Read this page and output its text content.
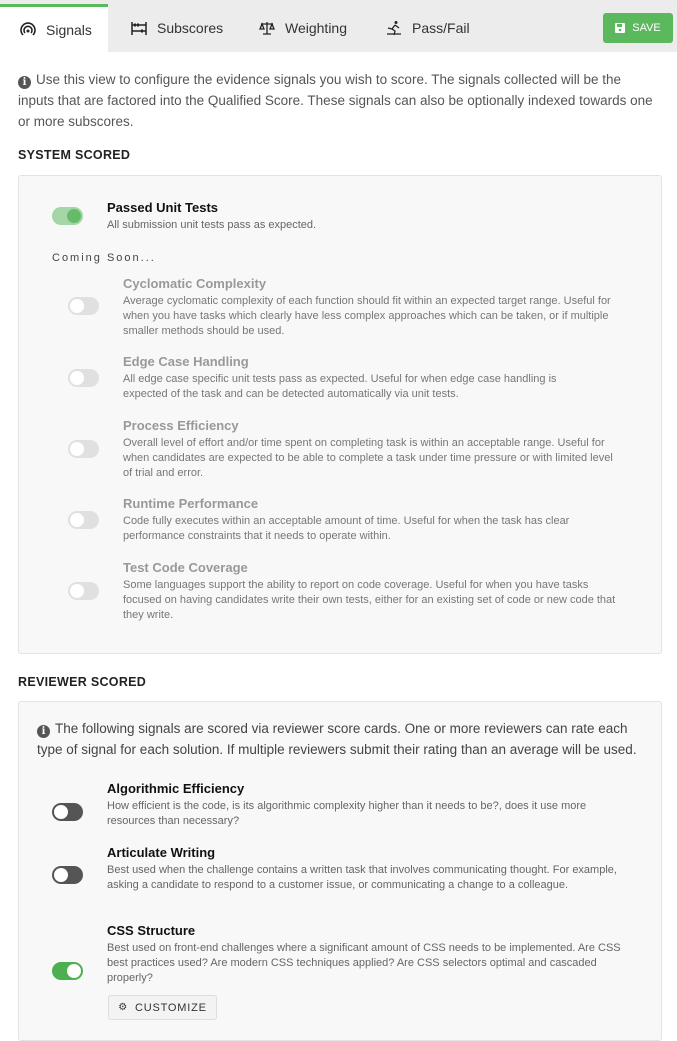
Signals	Subscores	Weighting	Pass/Fail	SAVE
i Use this view to configure the evidence signals you wish to score. The signals collected will be the inputs that are factored into the Qualified Score. These signals can also be optionally indexed towards one or more subscores.
SYSTEM SCORED
Passed Unit Tests
All submission unit tests pass as expected.
Coming Soon...
Cyclomatic Complexity
Average cyclomatic complexity of each function should fit within an expected target range. Useful for when you have tasks which clearly have less complex approaches which can be taken, or if multiple smaller methods should be used.
Edge Case Handling
All edge case specific unit tests pass as expected. Useful for when edge case handling is expected of the task and can be detected automatically via unit tests.
Process Efficiency
Overall level of effort and/or time spent on completing task is within an acceptable range. Useful for when candidates are expected to be able to complete a task under time pressure or with limited level of trial and error.
Runtime Performance
Code fully executes within an acceptable amount of time. Useful for when the task has clear performance constraints that it needs to operate within.
Test Code Coverage
Some languages support the ability to report on code coverage. Useful for when you have tasks focused on having candidates write their own tests, either for an existing set of code or new code that they write.
REVIEWER SCORED
i The following signals are scored via reviewer score cards. One or more reviewers can rate each type of signal for each solution. If multiple reviewers submit their rating than an average will be used.
Algorithmic Efficiency
How efficient is the code, is its algorithmic complexity higher than it needs to be?, does it use more resources than necessary?
Articulate Writing
Best used when the challenge contains a written task that involves communicating thought. For example, asking a candidate to respond to a customer issue, or communicating a change to a colleague.
CSS Structure
Best used on front-end challenges where a significant amount of CSS needs to be implemented. Are CSS best practices used? Are modern CSS techniques applied? Are CSS selectors optimal and cascaded properly?
⚙ CUSTOMIZE
